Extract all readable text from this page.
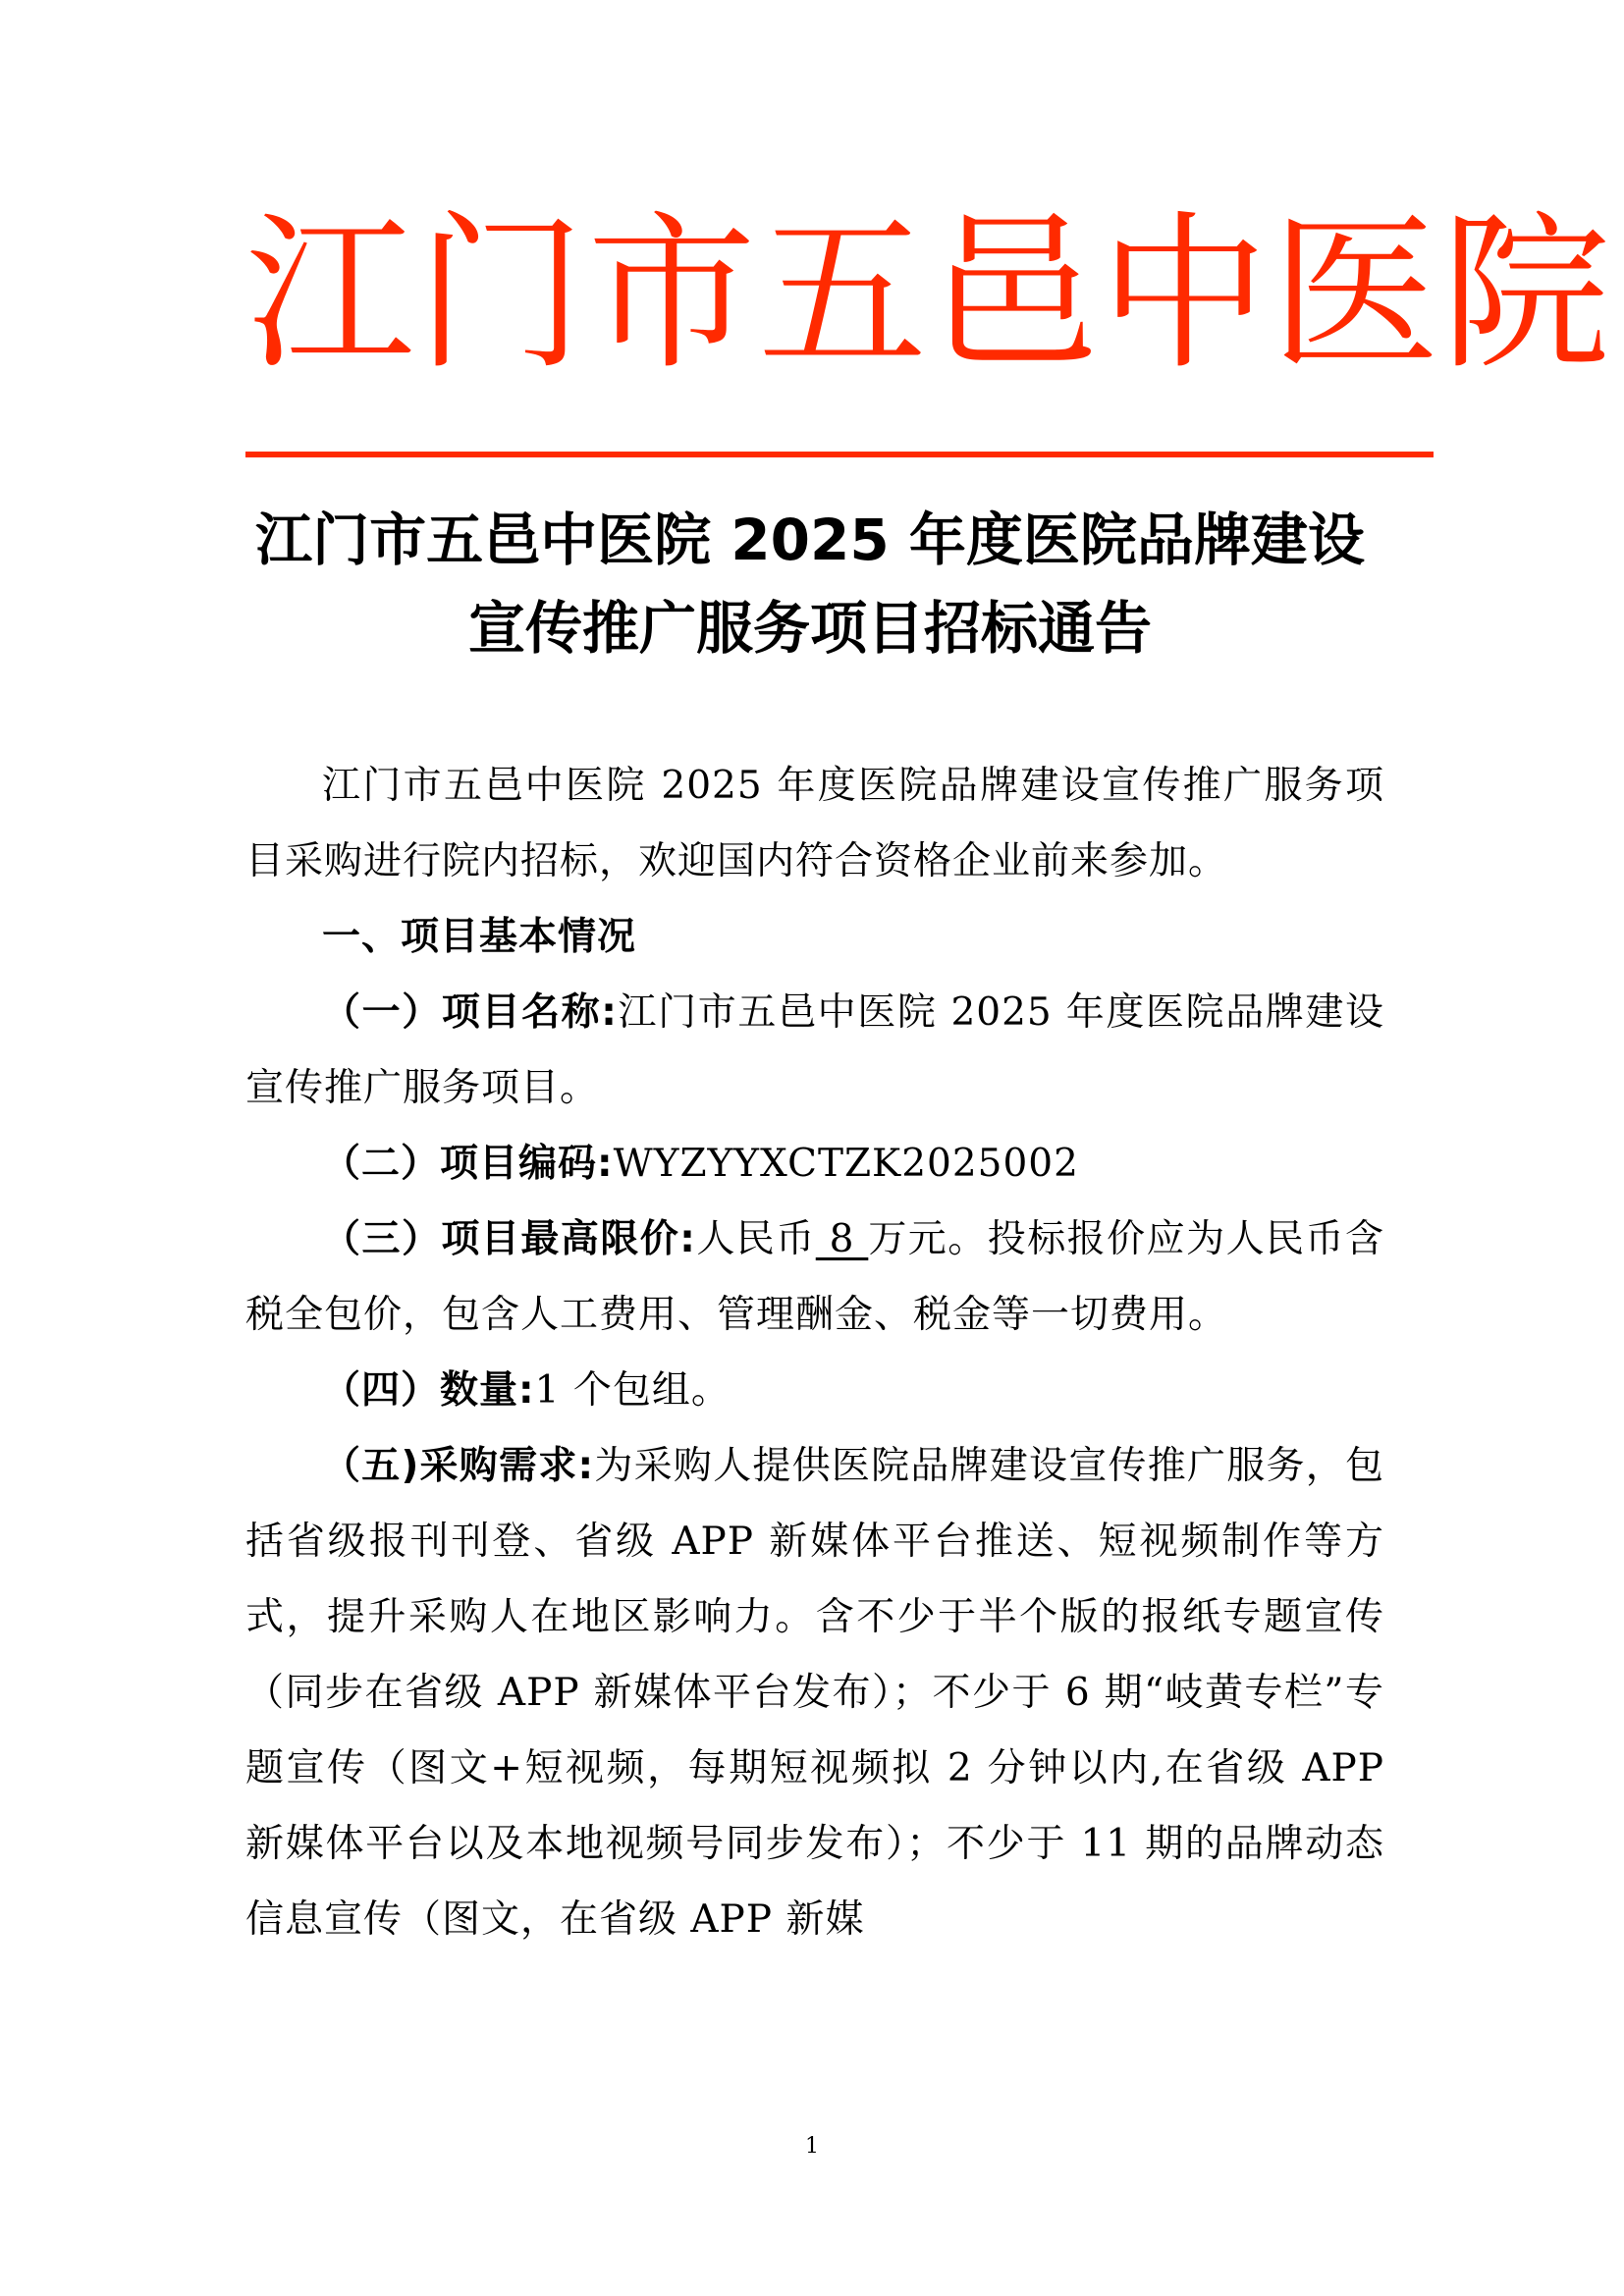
江门市五邑中医院
江门市五邑中医院 2025 年度医院品牌建设
宣传推广服务项目招标通告

江门市五邑中医院 2025 年度医院品牌建设宣传推广服务项目采购进行院内招标，欢迎国内符合资格企业前来参加。

一、项目基本情况

（一）项目名称:江门市五邑中医院 2025 年度医院品牌建设宣传推广服务项目。

（二）项目编码:WYZYYXCTZK2025002

（三）项目最高限价:人民币 8 万元。投标报价应为人民币含税全包价，包含人工费用、管理酬金、税金等一切费用。

（四）数量:1 个包组。

（五)采购需求:为采购人提供医院品牌建设宣传推广服务，包括省级报刊刊登、省级 APP 新媒体平台推送、短视频制作等方式，提升采购人在地区影响力。含不少于半个版的报纸专题宣传（同步在省级 APP 新媒体平台发布）；不少于 6 期“岐黄专栏”专题宣传（图文+短视频，每期短视频拟 2 分钟以内,在省级 APP 新媒体平台以及本地视频号同步发布）；不少于 11 期的品牌动态信息宣传（图文，在省级 APP 新媒

1
